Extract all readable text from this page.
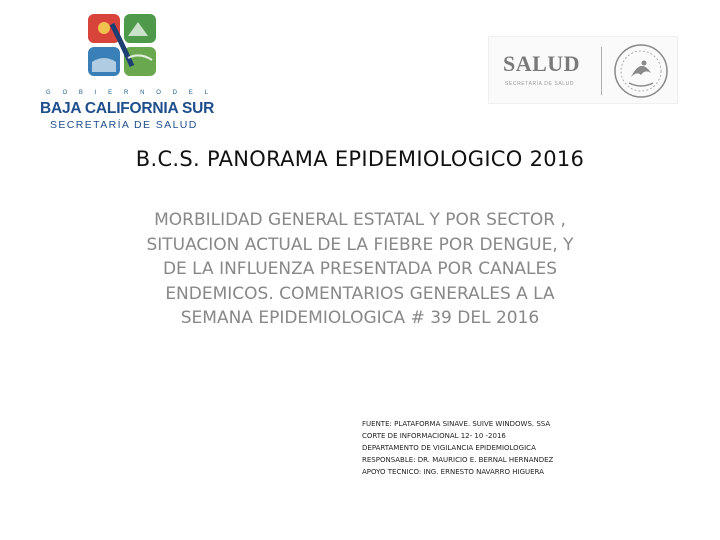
G O B I E R N O D E L
BAJA CALIFORNIA SUR
SECRETARÍA DE SALUD
SALUD
SECRETARÍA DE SALUD
B.C.S. PANORAMA EPIDEMIOLOGICO 2016
MORBILIDAD GENERAL ESTATAL Y POR SECTOR ,
SITUACION ACTUAL DE LA FIEBRE POR DENGUE, Y
DE LA INFLUENZA PRESENTADA POR CANALES
ENDEMICOS. COMENTARIOS GENERALES A LA
SEMANA EPIDEMIOLOGICA # 39 DEL 2016
FUENTE: PLATAFORMA SINAVE. SUIVE WINDOWS. SSA
CORTE DE INFORMACIONAL 12- 10 -2016
DEPARTAMENTO DE VIGILANCIA EPIDEMIOLOGICA
RESPONSABLE: DR. MAURICIO E. BERNAL HERNANDEZ
APOYO TECNICO: ING. ERNESTO NAVARRO HIGUERA
